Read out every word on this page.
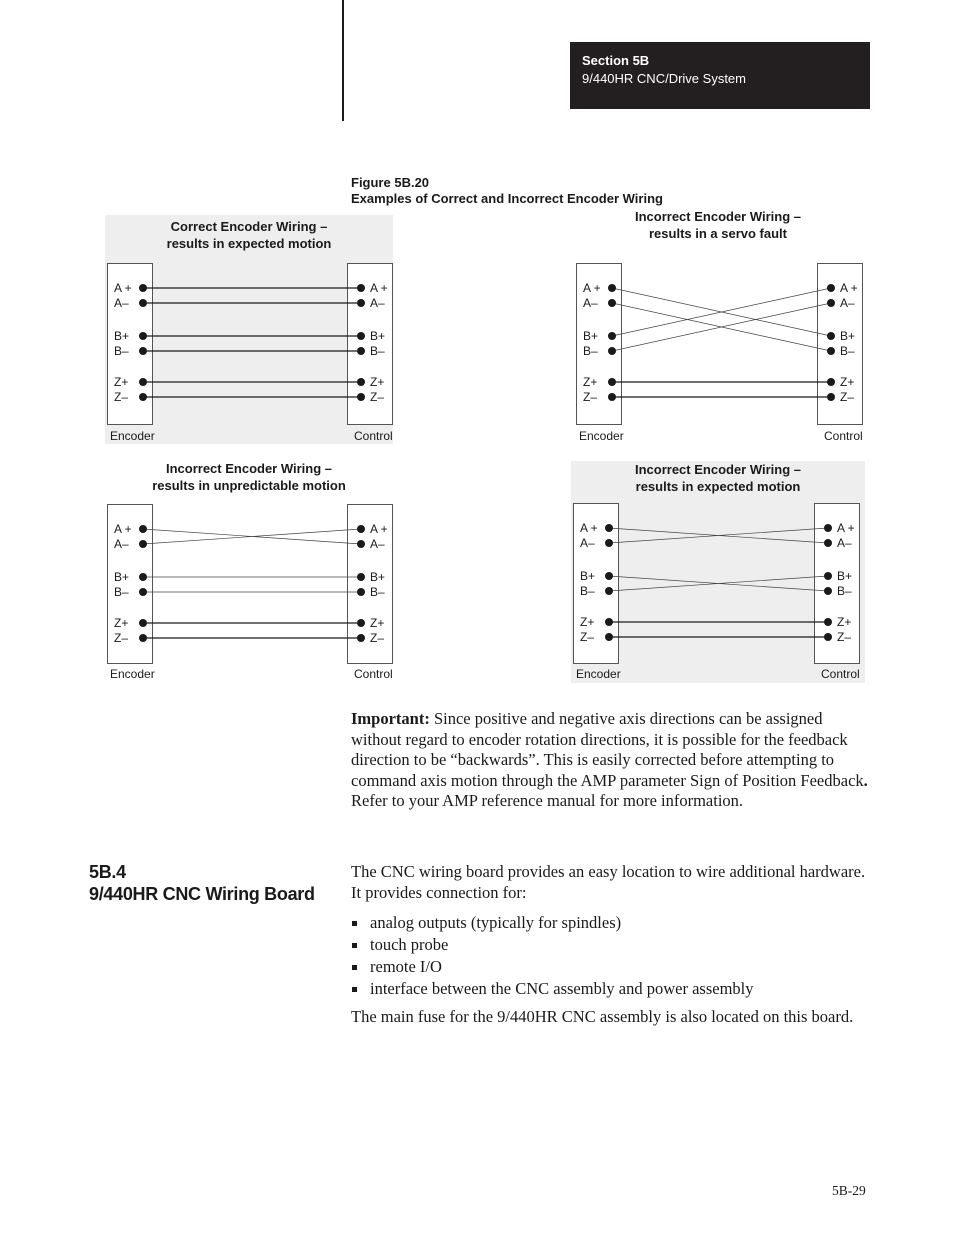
Section 5B
9/440HR CNC/Drive System
Figure 5B.20
Examples of Correct and Incorrect Encoder Wiring
Correct Encoder Wiring –
results in expected motion
A +
A–
B+
B–
Z+
Z–
A +
A–
B+
B–
Z+
Z–
Encoder	Control
Incorrect Encoder Wiring –
results in a servo fault
A +
A–
B+
B–
Z+
Z–
A +
A–
B+
B–
Z+
Z–
Encoder	Control
Incorrect Encoder Wiring –
results in unpredictable motion
A +
A–
B+
B–
Z+
Z–
A +
A–
B+
B–
Z+
Z–
Encoder	Control
Incorrect Encoder Wiring –
results in expected motion
A +
A–
B+
B–
Z+
Z–
A +
A–
B+
B–
Z+
Z–
Encoder	Control
Important: Since positive and negative axis directions can be assigned without regard to encoder rotation directions, it is possible for the feedback direction to be “backwards”. This is easily corrected before attempting to command axis motion through the AMP parameter Sign of Position Feedback. Refer to your AMP reference manual for more information.
5B.4
9/440HR CNC Wiring Board
The CNC wiring board provides an easy location to wire additional hardware. It provides connection for:
analog outputs (typically for spindles)
touch probe
remote I/O
interface between the CNC assembly and power assembly
The main fuse for the 9/440HR CNC assembly is also located on this board.
5B-29
